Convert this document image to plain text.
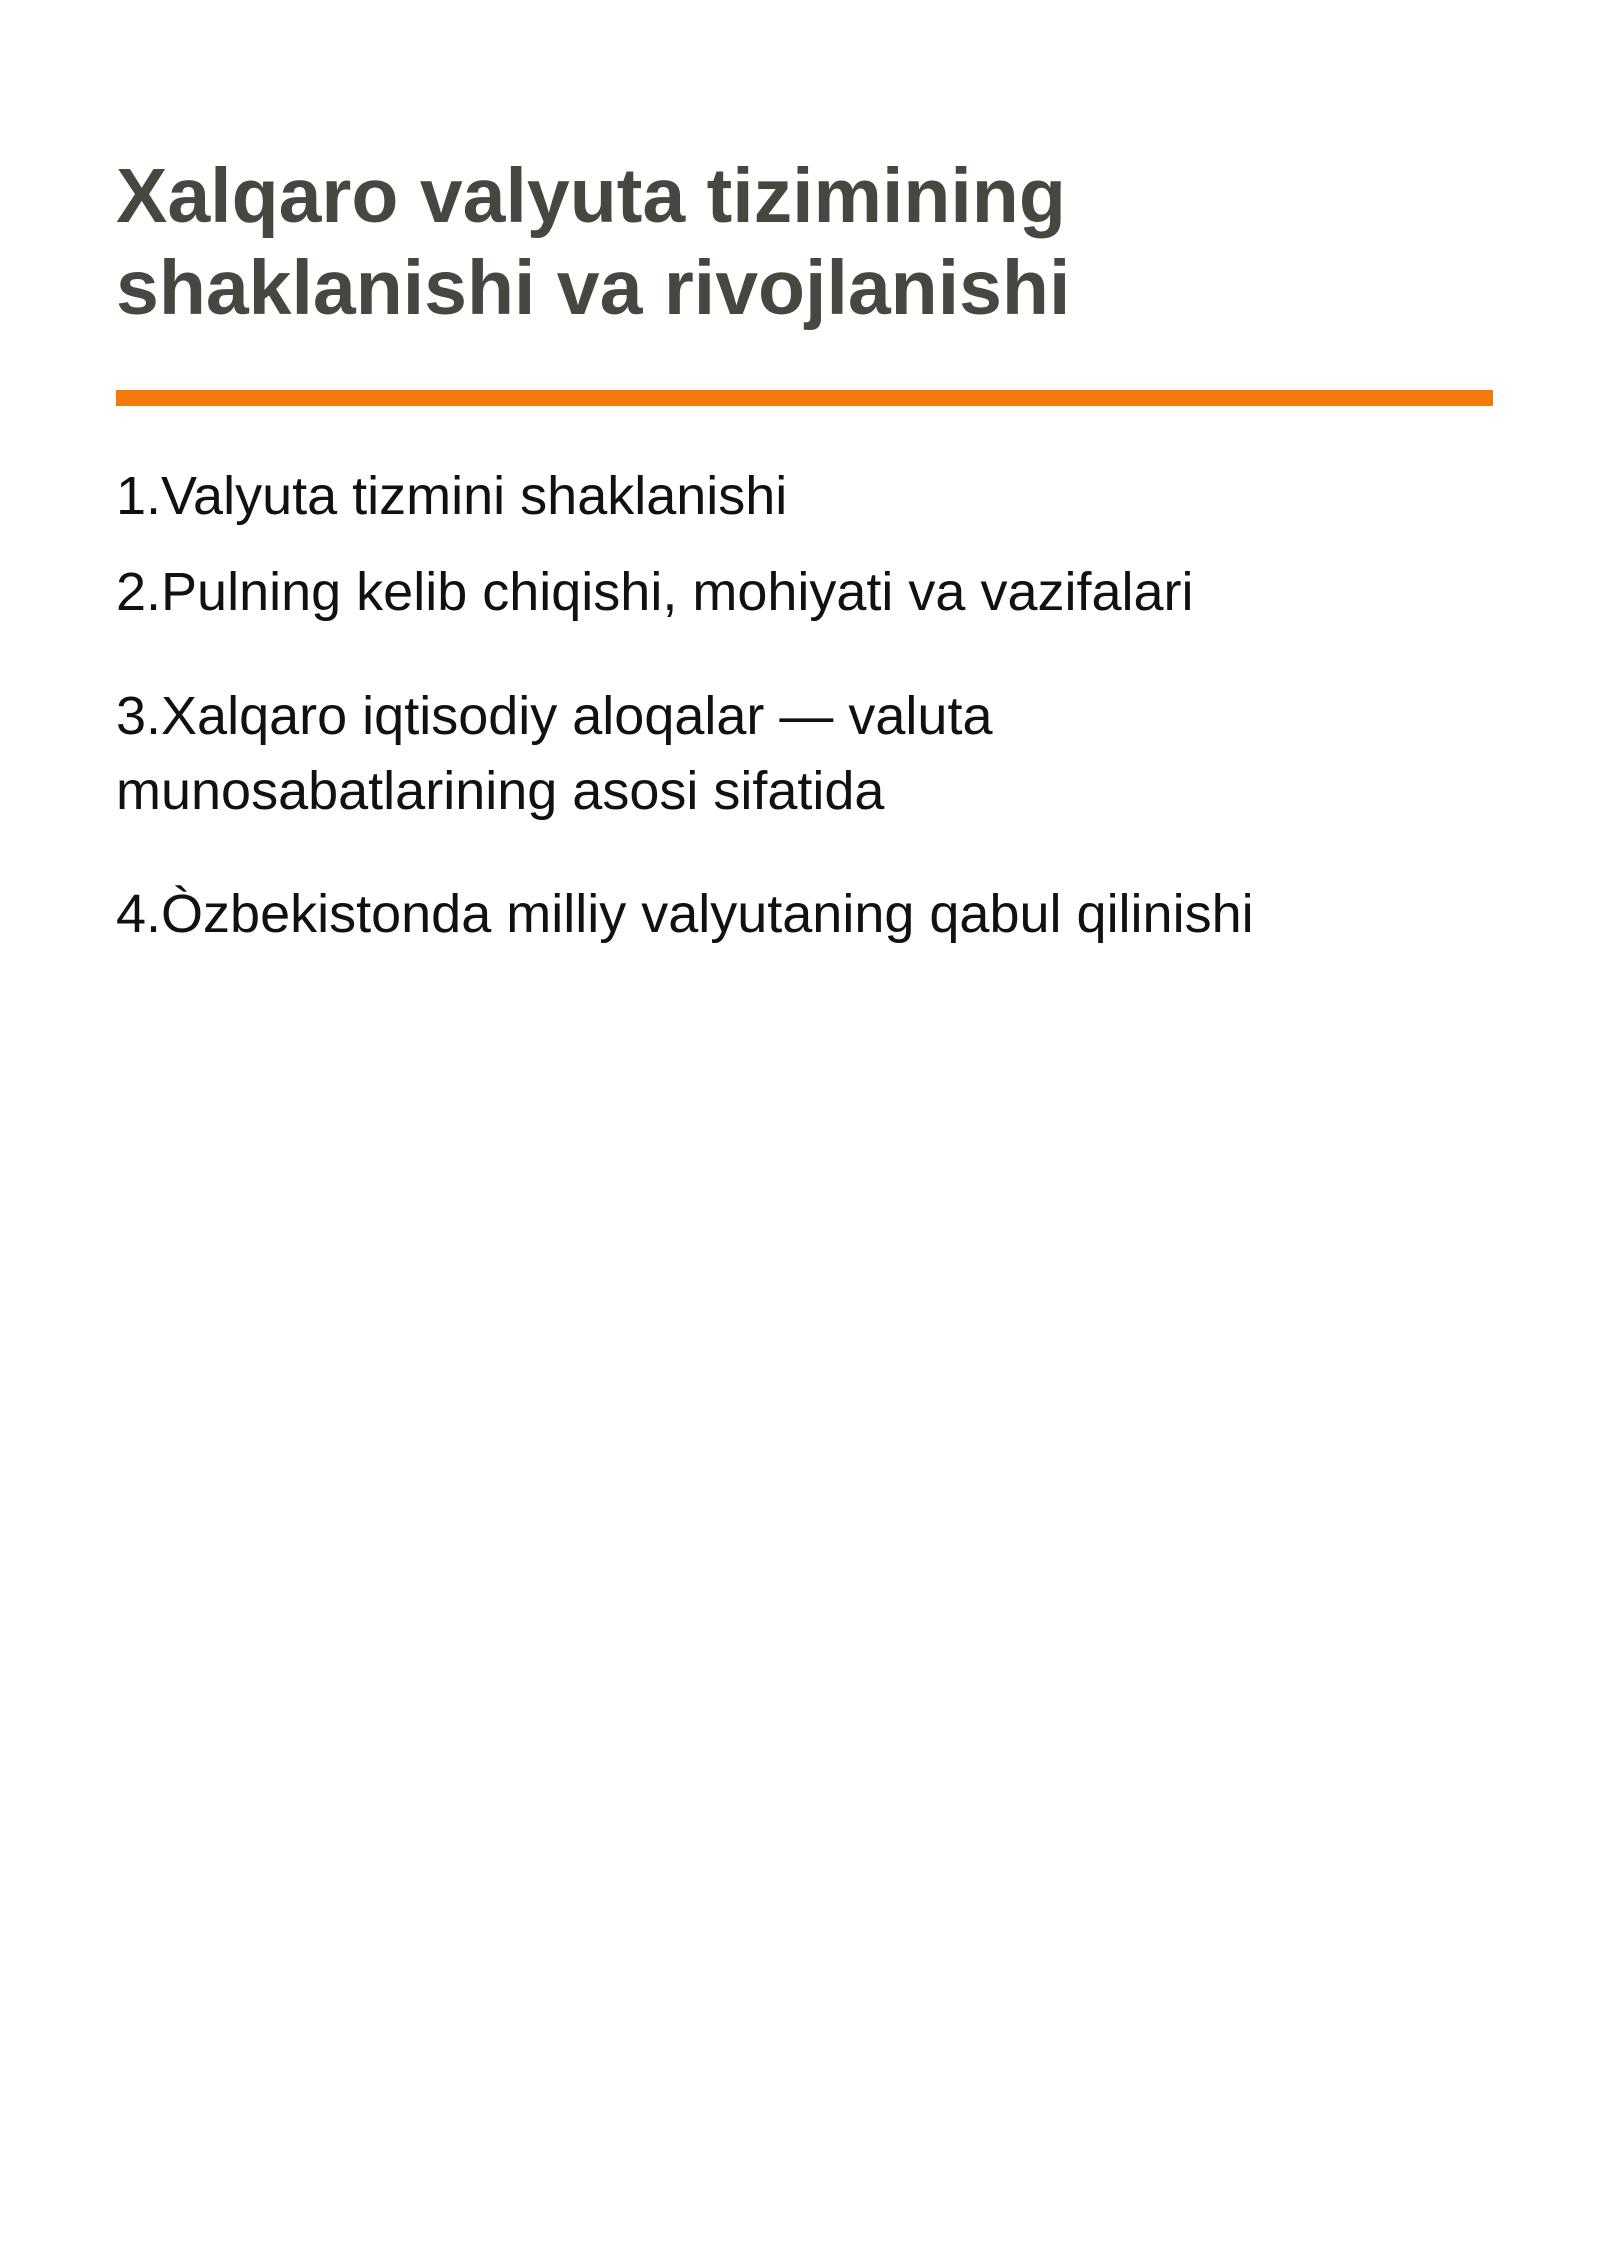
Xalqaro valyuta tizimining
shaklanishi va rivojlanishi

1.Valyuta tizmini shaklanishi

2.Pulning kelib chiqishi, mohiyati va vazifalari

3.Xalqaro iqtisodiy aloqalar — valuta
munosabatlarining asosi sifatida

4.Òzbekistonda milliy valyutaning qabul qilinishi
